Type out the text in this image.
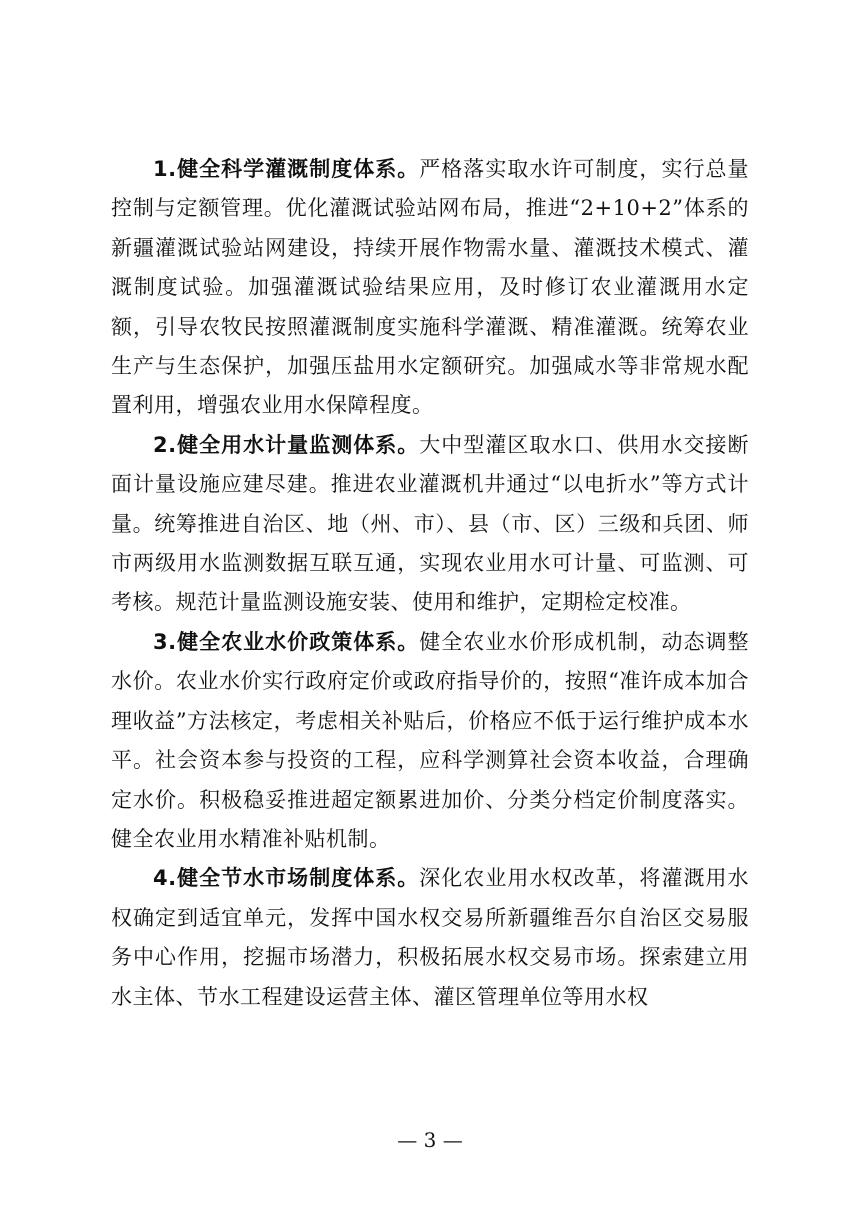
1.健全科学灌溉制度体系。严格落实取水许可制度，实行总量控制与定额管理。优化灌溉试验站网布局，推进“2+10+2”体系的新疆灌溉试验站网建设，持续开展作物需水量、灌溉技术模式、灌溉制度试验。加强灌溉试验结果应用，及时修订农业灌溉用水定额，引导农牧民按照灌溉制度实施科学灌溉、精准灌溉。统筹农业生产与生态保护，加强压盐用水定额研究。加强咸水等非常规水配置利用，增强农业用水保障程度。

2.健全用水计量监测体系。大中型灌区取水口、供用水交接断面计量设施应建尽建。推进农业灌溉机井通过“以电折水”等方式计量。统筹推进自治区、地（州、市）、县（市、区）三级和兵团、师市两级用水监测数据互联互通，实现农业用水可计量、可监测、可考核。规范计量监测设施安装、使用和维护，定期检定校准。

3.健全农业水价政策体系。健全农业水价形成机制，动态调整水价。农业水价实行政府定价或政府指导价的，按照“准许成本加合理收益”方法核定，考虑相关补贴后，价格应不低于运行维护成本水平。社会资本参与投资的工程，应科学测算社会资本收益，合理确定水价。积极稳妥推进超定额累进加价、分类分档定价制度落实。健全农业用水精准补贴机制。

4.健全节水市场制度体系。深化农业用水权改革，将灌溉用水权确定到适宜单元，发挥中国水权交易所新疆维吾尔自治区交易服务中心作用，挖掘市场潜力，积极拓展水权交易市场。探索建立用水主体、节水工程建设运营主体、灌区管理单位等用水权

— 3 —
